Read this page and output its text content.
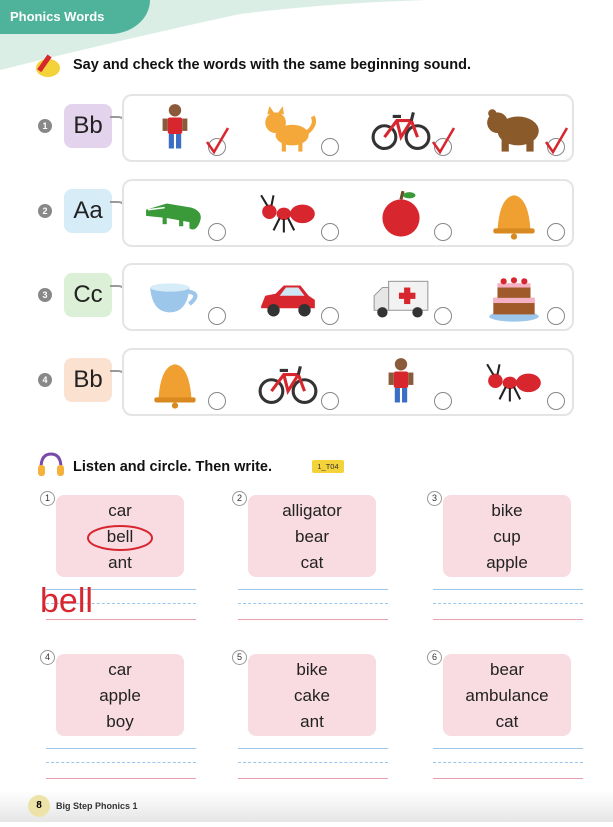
Phonics Words
Say and check the words with the same beginning sound.
1	Bb
2	Aa
3	Cc
4	Bb
Listen and circle. Then write.	1_T04
1
car
bell
ant
2
alligator
bear
cat
3
bike
cup
apple
4
car
apple
boy
5
bike
cake
ant
6
bear
ambulance
cat
bell
8	Big Step Phonics 1
